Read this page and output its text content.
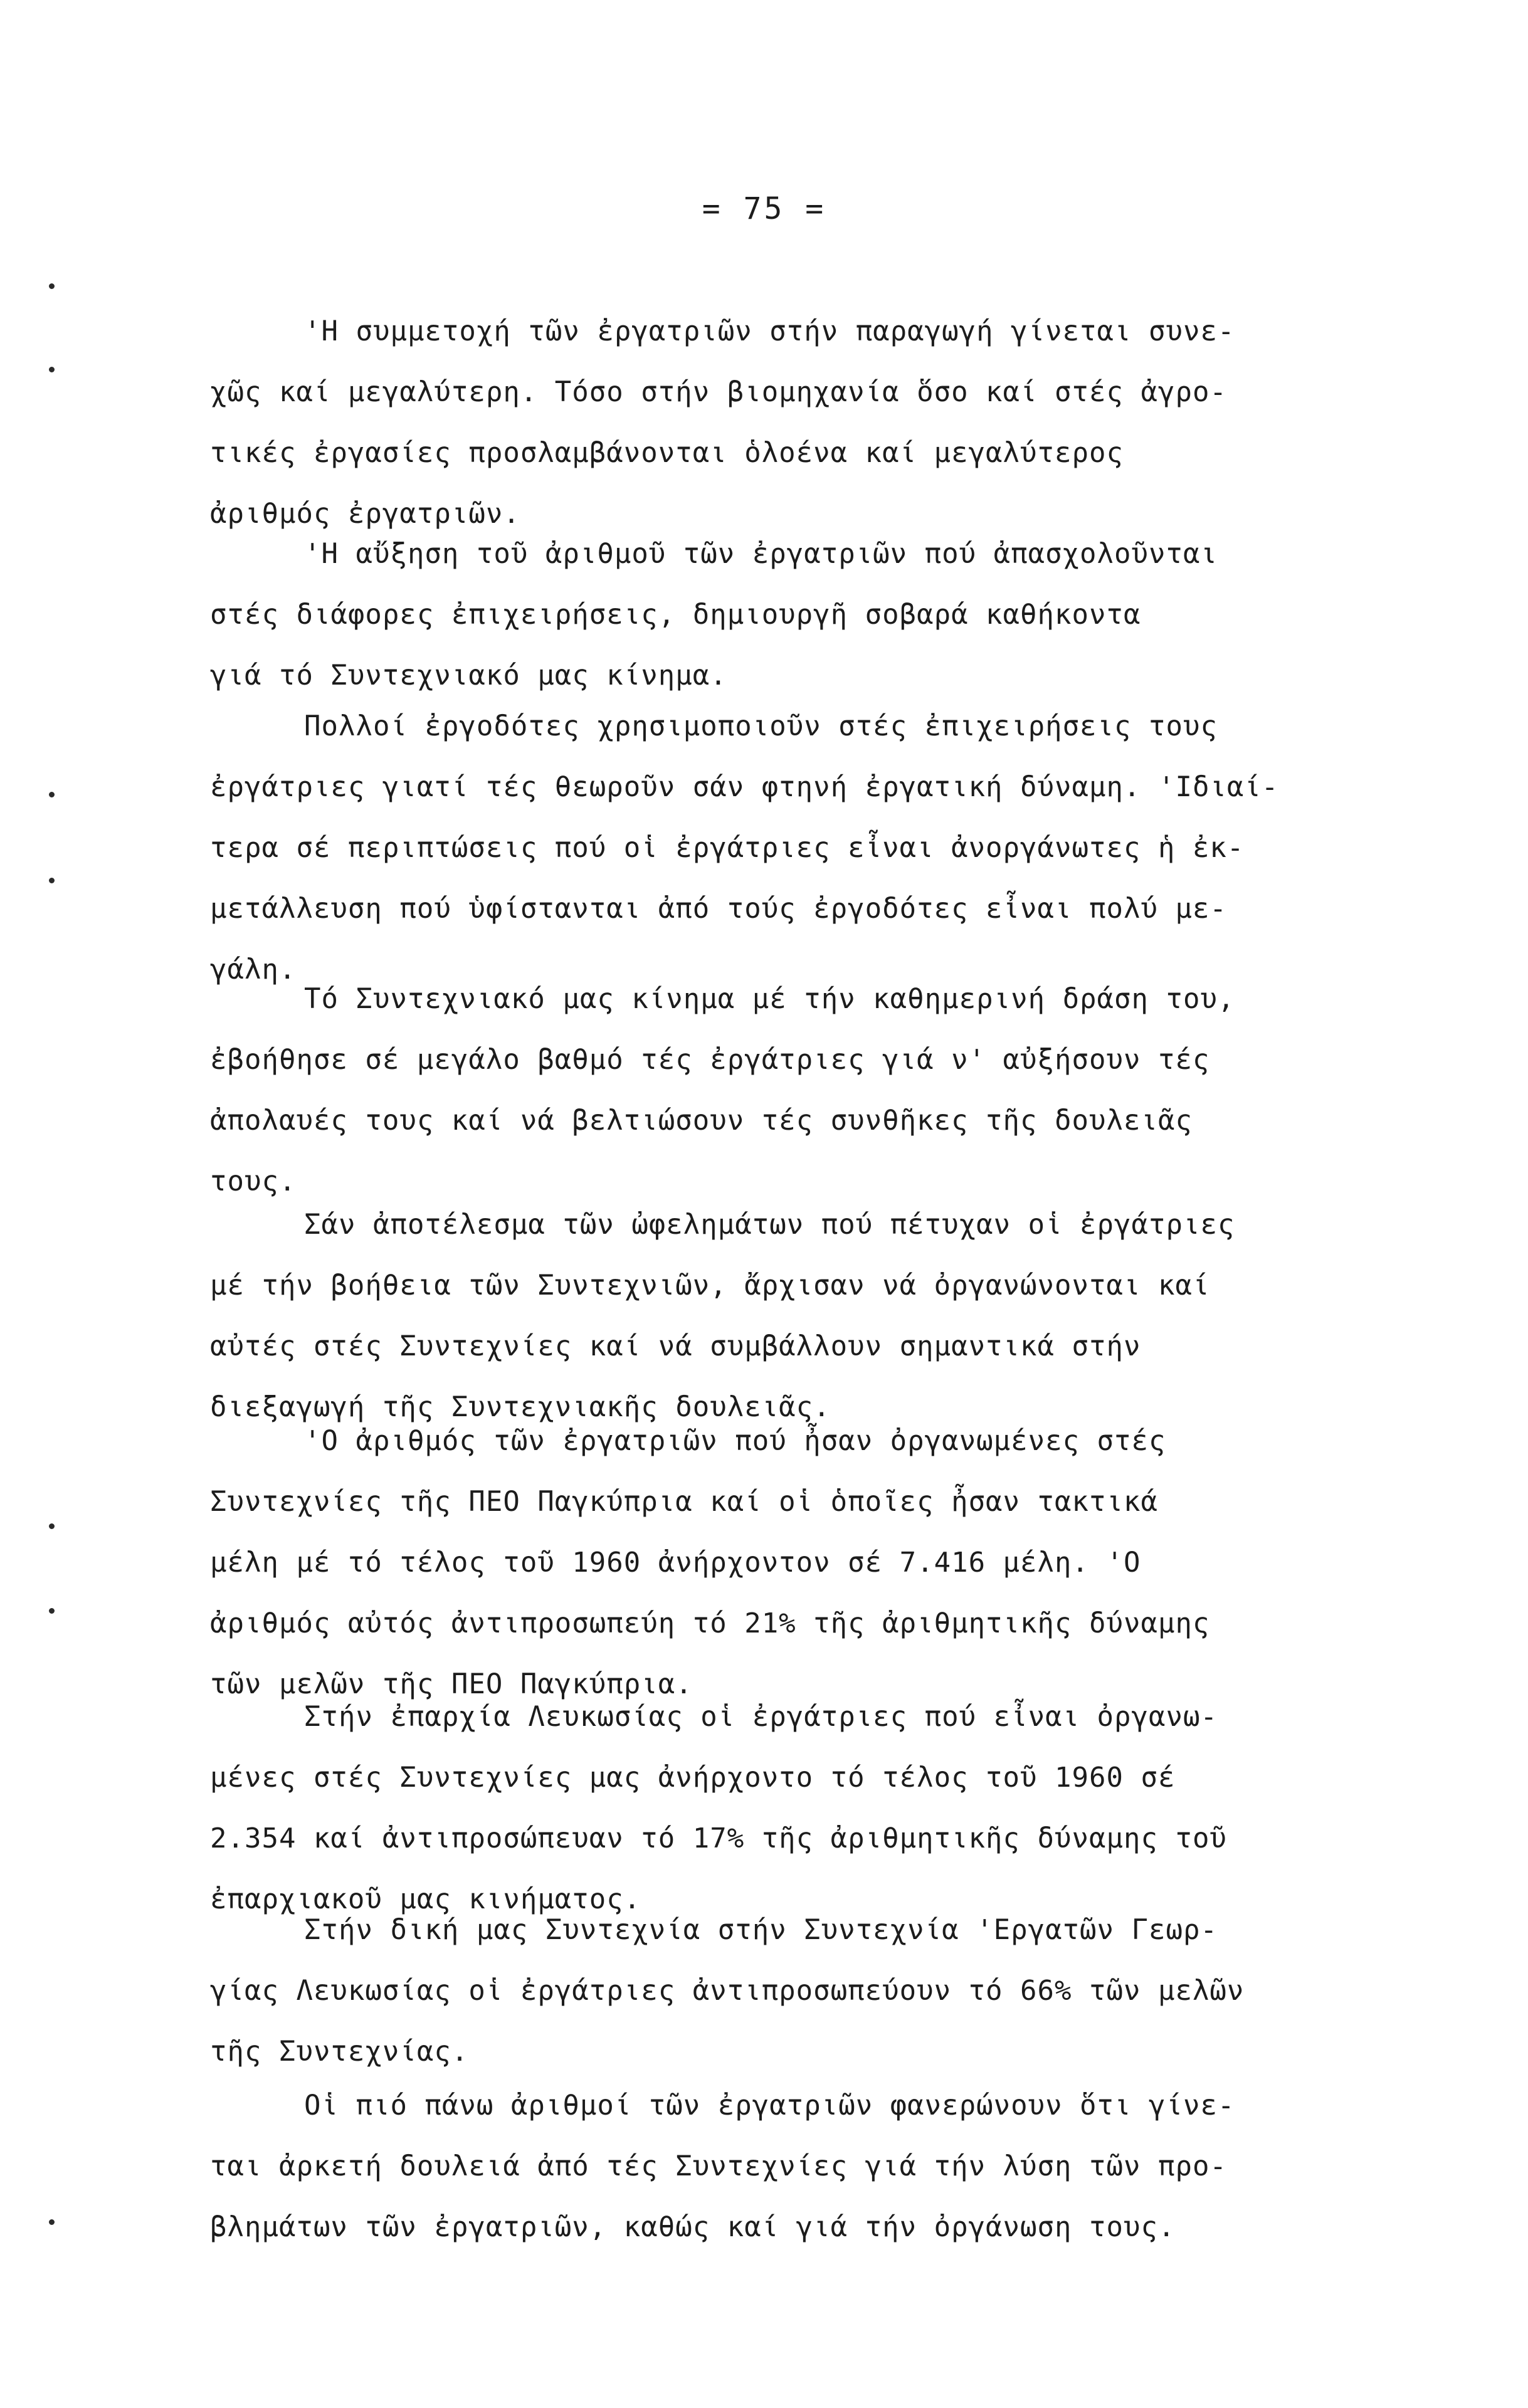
= 75 =
'Η συμμετοχή τῶν ἐργατριῶν στήν παραγωγή γίνεται συνε-
χῶς καί μεγαλύτερη. Τόσο στήν βιομηχανία ὅσο καί στές ἀγρο-
τικές ἐργασίες προσλαμβάνονται ὁλοένα καί μεγαλύτερος
ἀριθμός ἐργατριῶν.
'Η αὔξηση τοῦ ἀριθμοῦ τῶν ἐργατριῶν πού ἀπασχολοῦνται
στές διάφορες ἐπιχειρήσεις, δημιουργῆ σοβαρά καθήκοντα
γιά τό Συντεχνιακό μας κίνημα.
Πολλοί ἐργοδότες χρησιμοποιοῦν στές ἐπιχειρήσεις τους
ἐργάτριες γιατί τές θεωροῦν σάν φτηνή ἐργατική δύναμη. 'Ιδιαί-
τερα σέ περιπτώσεις πού οἱ ἐργάτριες εἶναι ἀνοργάνωτες ἡ ἐκ-
μετάλλευση πού ὑφίστανται ἀπό τούς ἐργοδότες εἶναι πολύ με-
γάλη.
Τό Συντεχνιακό μας κίνημα μέ τήν καθημερινή δράση του,
ἐβοήθησε σέ μεγάλο βαθμό τές ἐργάτριες γιά ν' αὐξήσουν τές
ἀπολαυές τους καί νά βελτιώσουν τές συνθῆκες τῆς δουλειᾶς
τους.
Σάν ἀποτέλεσμα τῶν ὠφελημάτων πού πέτυχαν οἱ ἐργάτριες
μέ τήν βοήθεια τῶν Συντεχνιῶν, ἄρχισαν νά ὀργανώνονται καί
αὐτές στές Συντεχνίες καί νά συμβάλλουν σημαντικά στήν
διεξαγωγή τῆς Συντεχνιακῆς δουλειᾶς.
'Ο ἀριθμός τῶν ἐργατριῶν πού ἦσαν ὀργανωμένες στές
Συντεχνίες τῆς ΠΕΟ Παγκύπρια καί οἱ ὁποῖες ἦσαν τακτικά
μέλη μέ τό τέλος τοῦ 1960 ἀνήρχοντον σέ 7.416 μέλη. 'Ο
ἀριθμός αὐτός ἀντιπροσωπεύη τό 21% τῆς ἀριθμητικῆς δύναμης
τῶν μελῶν τῆς ΠΕΟ Παγκύπρια.
Στήν ἐπαρχία Λευκωσίας οἱ ἐργάτριες πού εἶναι ὀργανω-
μένες στές Συντεχνίες μας ἀνήρχοντο τό τέλος τοῦ 1960 σέ
2.354 καί ἀντιπροσώπευαν τό 17% τῆς ἀριθμητικῆς δύναμης τοῦ
ἐπαρχιακοῦ μας κινήματος.
Στήν δική μας Συντεχνία στήν Συντεχνία 'Εργατῶν Γεωρ-
γίας Λευκωσίας οἱ ἐργάτριες ἀντιπροσωπεύουν τό 66% τῶν μελῶν
τῆς Συντεχνίας.
Οἱ πιό πάνω ἀριθμοί τῶν ἐργατριῶν φανερώνουν ὅτι γίνε-
ται ἀρκετή δουλειά ἀπό τές Συντεχνίες γιά τήν λύση τῶν προ-
βλημάτων τῶν ἐργατριῶν, καθώς καί γιά τήν ὀργάνωση τους.
